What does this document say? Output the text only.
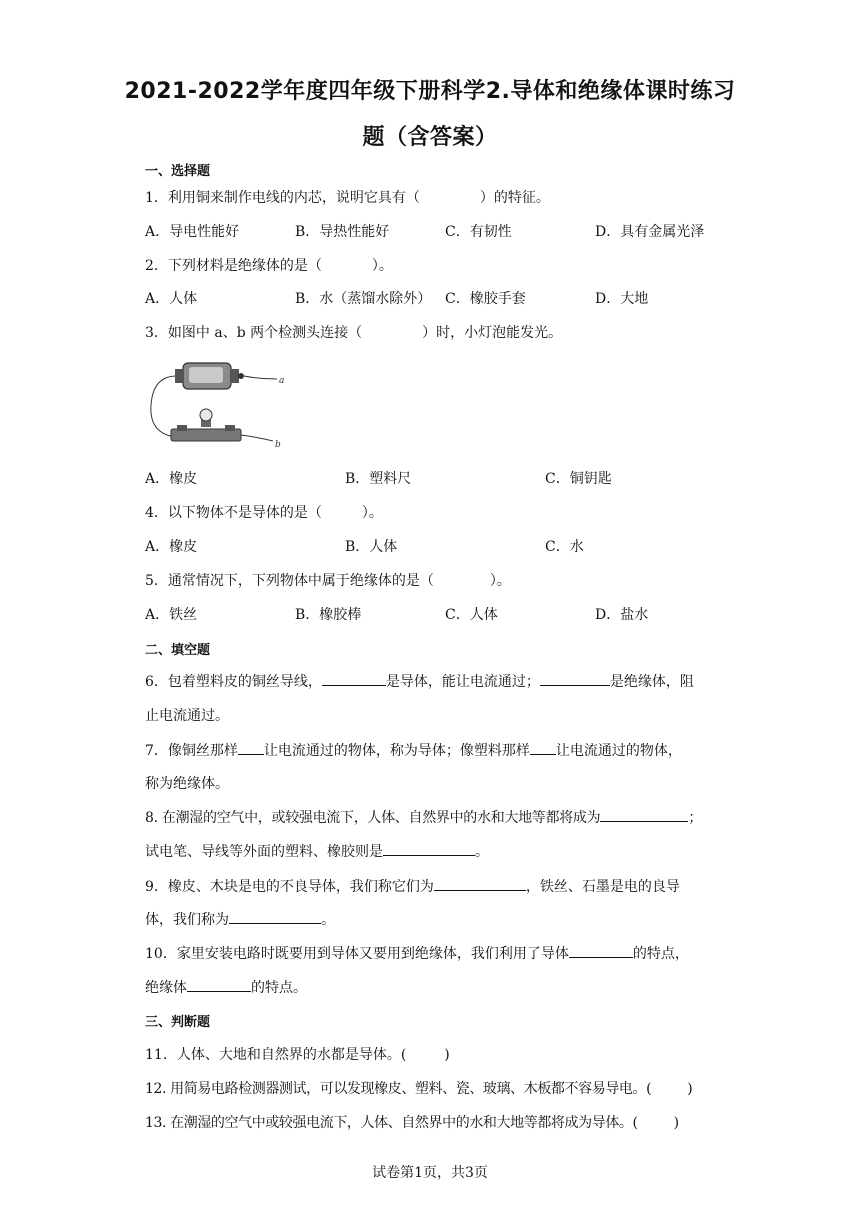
2021-2022学年度四年级下册科学2.导体和绝缘体课时练习
题（含答案）
一、选择题
1．利用铜来制作电线的内芯，说明它具有（	）的特征。
A．导电性能好	B．导热性能好	C．有韧性	D．具有金属光泽
2．下列材料是绝缘体的是（	）。
A．人体	B．水（蒸馏水除外） C．橡胶手套	D．大地
3．如图中 a、b 两个检测头连接（	）时，小灯泡能发光。
a
b
A．橡皮	B．塑料尺	C．铜钥匙
4．以下物体不是导体的是（	）。
A．橡皮	B．人体	C．水
5．通常情况下，下列物体中属于绝缘体的是（	）。
A．铁丝	B．橡胶棒	C．人体	D．盐水
二、填空题
6．包着塑料皮的铜丝导线，	是导体，能让电流通过；	是绝缘体，阻
止电流通过。
7．像铜丝那样 让电流通过的物体，称为导体；像塑料那样 让电流通过的物体，
称为绝缘体。
8. 在潮湿的空气中，或较强电流下，人体、自然界中的水和大地等都将成为	；
试电笔、导线等外面的塑料、橡胶则是	。
9．橡皮、木块是电的不良导体，我们称它们为	，铁丝、石墨是电的良导
体，我们称为	。
10．家里安装电路时既要用到导体又要用到绝缘体，我们利用了导体	的特点，
绝缘体	的特点。
三、判断题
11．人体、大地和自然界的水都是导体。(	)
12. 用简易电路检测器测试，可以发现橡皮、塑料、瓷、玻璃、木板都不容易导电。(	)
13. 在潮湿的空气中或较强电流下，人体、自然界中的水和大地等都将成为导体。(	)
试卷第1页，共3页
